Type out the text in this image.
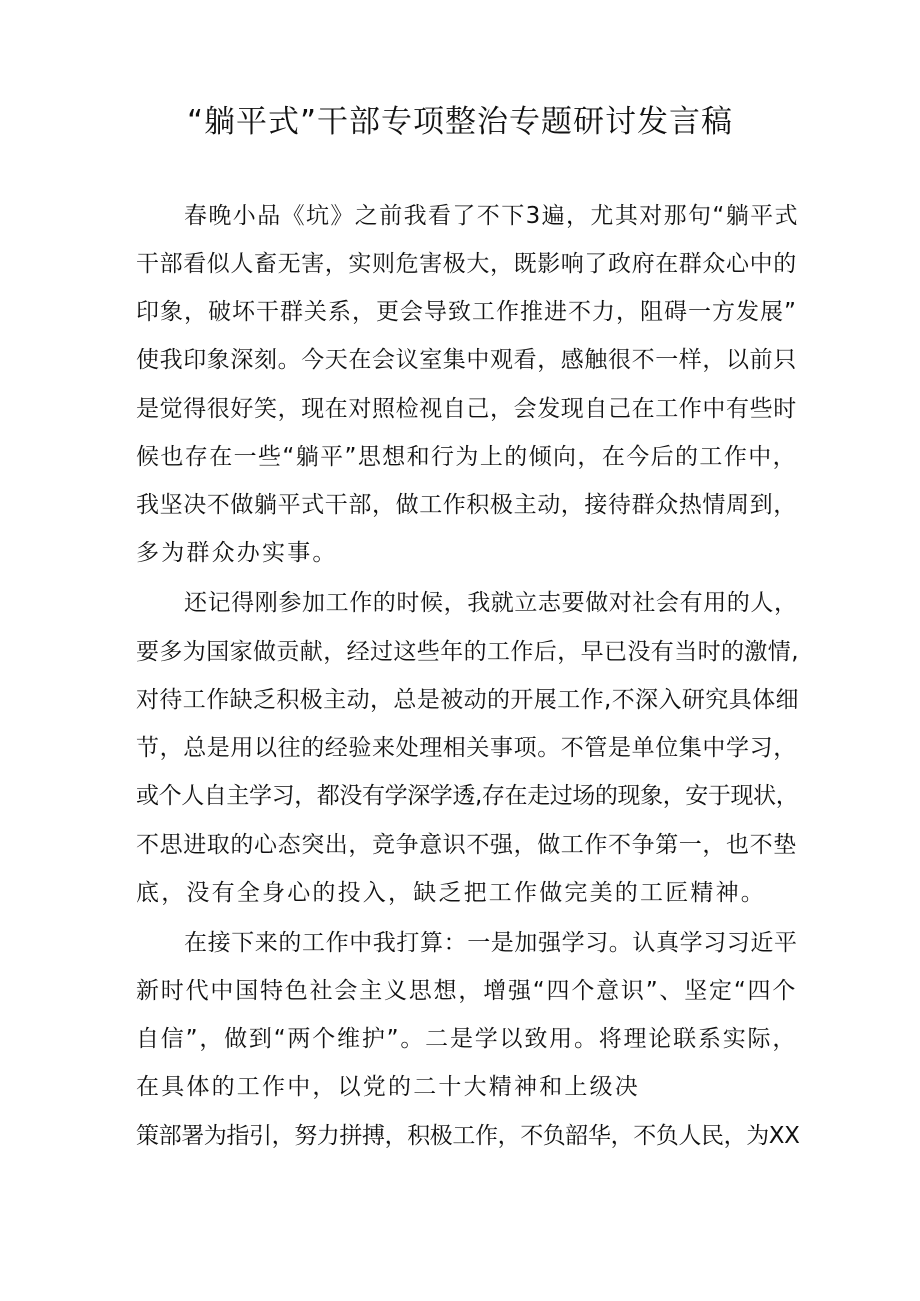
“躺平式”干部专项整治专题研讨发言稿
春晚小品《坑》之前我看了不下3遍，尤其对那句“躺平式
干部看似人畜无害，实则危害极大，既影响了政府在群众心中的
印象，破坏干群关系，更会导致工作推进不力，阻碍一方发展”
使我印象深刻。今天在会议室集中观看，感触很不一样，以前只
是觉得很好笑，现在对照检视自己，会发现自己在工作中有些时
候也存在一些“躺平”思想和行为上的倾向，在今后的工作中，
我坚决不做躺平式干部，做工作积极主动，接待群众热情周到，
多为群众办实事。
还记得刚参加工作的时候，我就立志要做对社会有用的人，
要多为国家做贡献，经过这些年的工作后，早已没有当时的激情,
对待工作缺乏积极主动，总是被动的开展工作,不深入研究具体细
节，总是用以往的经验来处理相关事项。不管是单位集中学习，
或个人自主学习，都没有学深学透,存在走过场的现象，安于现状，
不思进取的心态突出，竞争意识不强，做工作不争第一，也不垫
底，没有全身心的投入，缺乏把工作做完美的工匠精神。
在接下来的工作中我打算：一是加强学习。认真学习习近平
新时代中国特色社会主义思想，增强“四个意识”、坚定“四个
自信”，做到“两个维护”。二是学以致用。将理论联系实际，
在具体的工作中，以党的二十大精神和上级决
策部署为指引，努力拼搏，积极工作，不负韶华，不负人民，为XX
